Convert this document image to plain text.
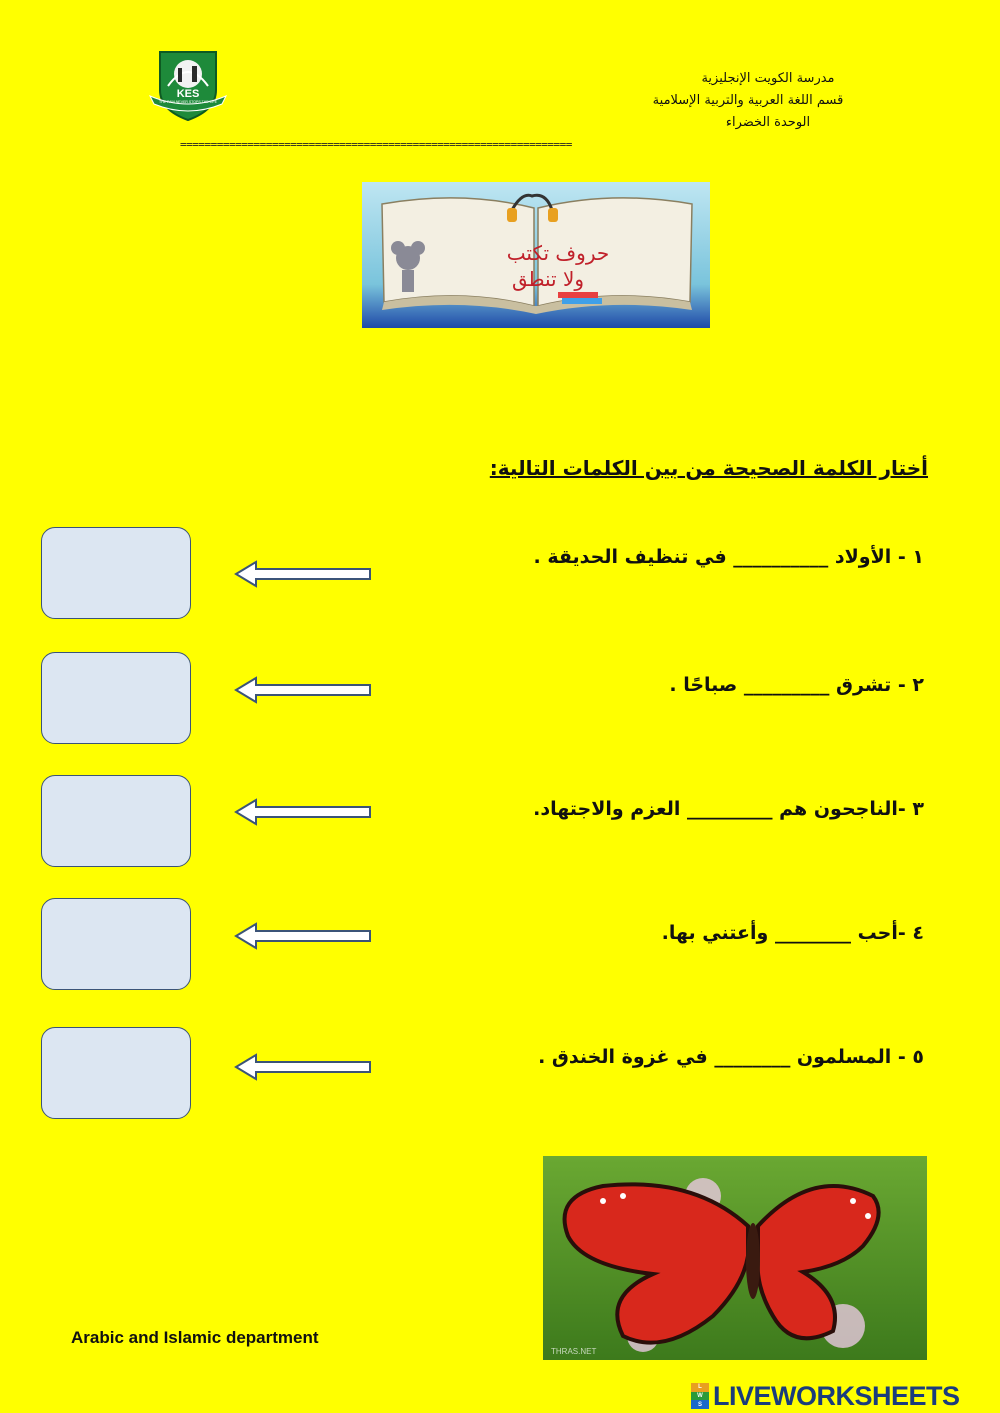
THE PAIN NEVER STOPS THE LIFE
KES
مدرسة الكويت الإنجليزية
قسم اللغة العربية والتربية الإسلامية
الوحدة الخضراء
================================================================
حروف تكتب
ولا تنطق
أختار الكلمة الصحيحة من بين الكلمات التالية:
١ - الأولاد __________ في تنظيف الحديقة .
٢ - تشرق _________ صباحًا .
٣ -الناجحون هم _________ العزم والاجتهاد.
٤ -أحب ________ وأعتني بها.
٥ - المسلمون ________ في غزوة الخندق .
THRAS.NET
Arabic and Islamic department
L
W
S LIVEWORKSHEETS
